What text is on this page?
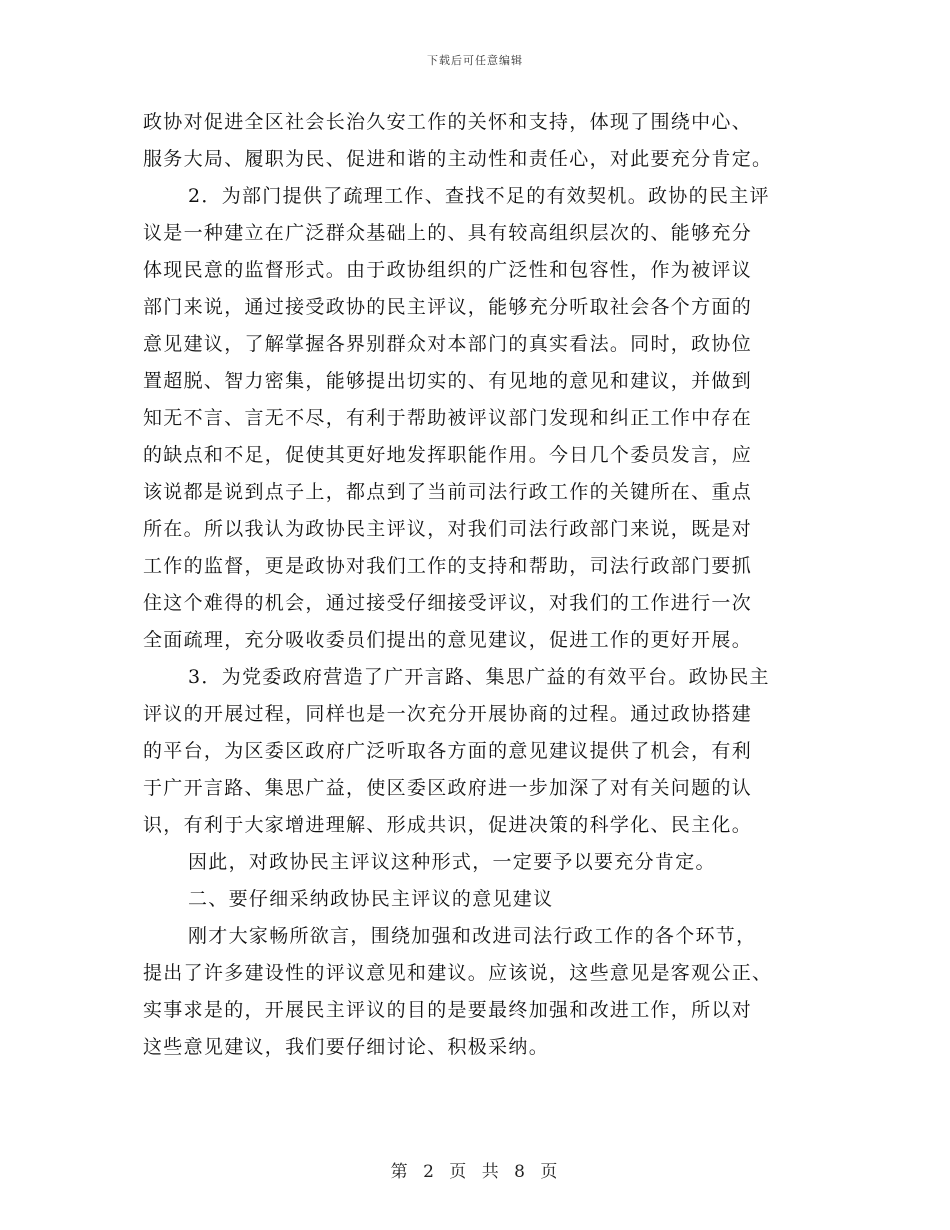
下载后可任意编辑
政协对促进全区社会长治久安工作的关怀和支持，体现了围绕中心、
服务大局、履职为民、促进和谐的主动性和责任心，对此要充分肯定。
2．为部门提供了疏理工作、查找不足的有效契机。政协的民主评
议是一种建立在广泛群众基础上的、具有较高组织层次的、能够充分
体现民意的监督形式。由于政协组织的广泛性和包容性，作为被评议
部门来说，通过接受政协的民主评议，能够充分听取社会各个方面的
意见建议，了解掌握各界别群众对本部门的真实看法。同时，政协位
置超脱、智力密集，能够提出切实的、有见地的意见和建议，并做到
知无不言、言无不尽，有利于帮助被评议部门发现和纠正工作中存在
的缺点和不足，促使其更好地发挥职能作用。今日几个委员发言，应
该说都是说到点子上，都点到了当前司法行政工作的关键所在、重点
所在。所以我认为政协民主评议，对我们司法行政部门来说，既是对
工作的监督，更是政协对我们工作的支持和帮助，司法行政部门要抓
住这个难得的机会，通过接受仔细接受评议，对我们的工作进行一次
全面疏理，充分吸收委员们提出的意见建议，促进工作的更好开展。
3．为党委政府营造了广开言路、集思广益的有效平台。政协民主
评议的开展过程，同样也是一次充分开展协商的过程。通过政协搭建
的平台，为区委区政府广泛听取各方面的意见建议提供了机会，有利
于广开言路、集思广益，使区委区政府进一步加深了对有关问题的认
识，有利于大家增进理解、形成共识，促进决策的科学化、民主化。
因此，对政协民主评议这种形式，一定要予以要充分肯定。
二、要仔细采纳政协民主评议的意见建议
刚才大家畅所欲言，围绕加强和改进司法行政工作的各个环节，
提出了许多建设性的评议意见和建议。应该说，这些意见是客观公正、
实事求是的，开展民主评议的目的是要最终加强和改进工作，所以对
这些意见建议，我们要仔细讨论、积极采纳。
第 2 页 共 8 页
